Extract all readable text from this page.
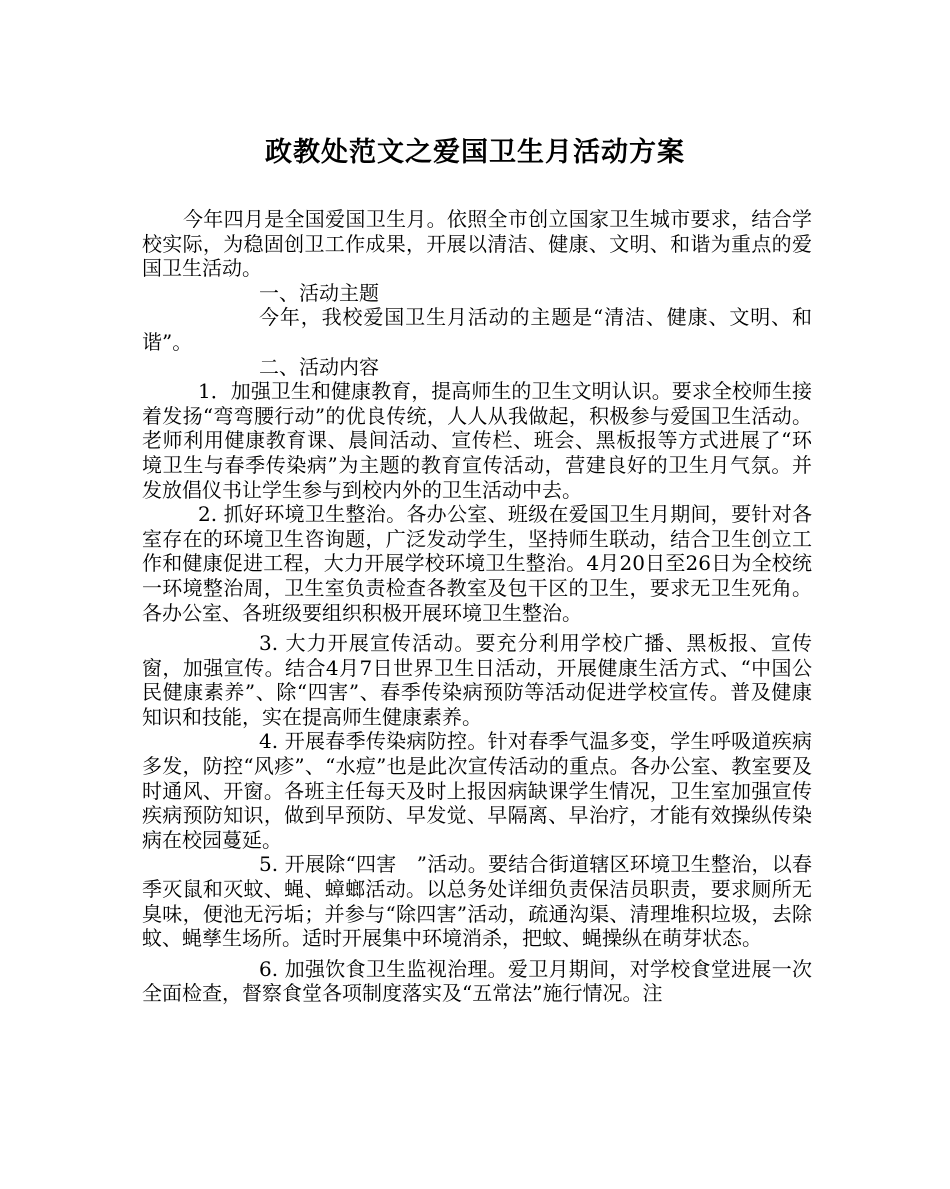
政教处范文之爱国卫生月活动方案

今年四月是全国爱国卫生月。依照全市创立国家卫生城市要求，结合学校实际，为稳固创卫工作成果，开展以清洁、健康、文明、和谐为重点的爱国卫生活动。

一、活动主题

今年，我校爱国卫生月活动的主题是“清洁、健康、文明、和谐”。

二、活动内容

1．加强卫生和健康教育，提高师生的卫生文明认识。要求全校师生接着发扬“弯弯腰行动”的优良传统，人人从我做起，积极参与爱国卫生活动。老师利用健康教育课、晨间活动、宣传栏、班会、黑板报等方式进展了“环境卫生与春季传染病”为主题的教育宣传活动，营建良好的卫生月气氛。并发放倡仪书让学生参与到校内外的卫生活动中去。

2. 抓好环境卫生整治。各办公室、班级在爱国卫生月期间，要针对各室存在的环境卫生咨询题，广泛发动学生，坚持师生联动，结合卫生创立工作和健康促进工程，大力开展学校环境卫生整治。4月20日至26日为全校统一环境整治周，卫生室负责检查各教室及包干区的卫生，要求无卫生死角。各办公室、各班级要组织积极开展环境卫生整治。

3. 大力开展宣传活动。要充分利用学校广播、黑板报、宣传窗，加强宣传。结合4月7日世界卫生日活动，开展健康生活方式、“中国公民健康素养”、除“四害”、春季传染病预防等活动促进学校宣传。普及健康知识和技能，实在提高师生健康素养。

4. 开展春季传染病防控。针对春季气温多变，学生呼吸道疾病多发，防控“风疹”、“水痘”也是此次宣传活动的重点。各办公室、教室要及时通风、开窗。各班主任每天及时上报因病缺课学生情况，卫生室加强宣传疾病预防知识，做到早预防、早发觉、早隔离、早治疗，才能有效操纵传染病在校园蔓延。

5. 开展除“四害　”活动。要结合街道辖区环境卫生整治，以春季灭鼠和灭蚊、蝇、蟑螂活动。以总务处详细负责保洁员职责，要求厕所无臭味，便池无污垢；并参与“除四害”活动，疏通沟渠、清理堆积垃圾，去除蚊、蝇孳生场所。适时开展集中环境消杀，把蚊、蝇操纵在萌芽状态。

6. 加强饮食卫生监视治理。爱卫月期间，对学校食堂进展一次全面检查，督察食堂各项制度落实及“五常法”施行情况。注
